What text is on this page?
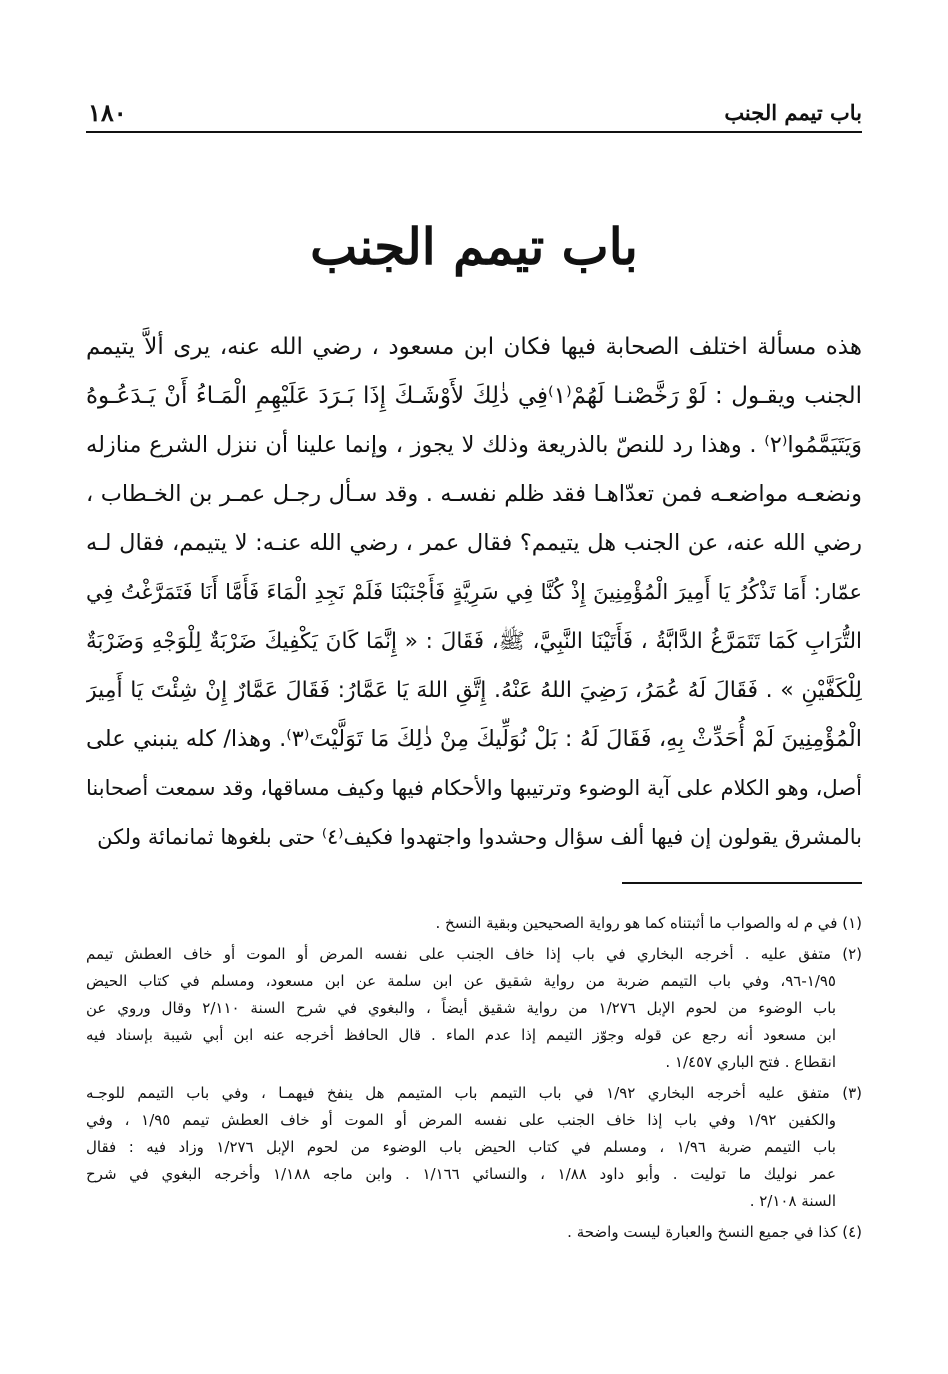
باب تيمم الجنب
١٨٠
باب تيمم الجنب
هذه مسألة اختلف الصحابة فيها فكان ابن مسعود ، رضي الله عنه، يرى ألاَّ يتيمم
الجنب ويقـول : لَوْ رَخَّصْنـا لَهُمْ⁽١⁾فِي ذٰلِكَ لأَوْشَـكَ إِذَا بَـرَدَ عَلَيْهِمِ الْمَـاءُ أَنْ يَـدَعُـوهُ
وَيَتَيَمَّمُوا⁽٢⁾ . وهذا رد للنصّ بالذريعة وذلك لا يجوز ، وإنما علينا أن ننزل الشرع منازله
ونضعـه مواضعـه فمن تعدّاهـا فقد ظلم نفسـه . وقد سـأل رجـل عمـر بن الخـطاب ،
رضي الله عنه، عن الجنب هل يتيمم؟ فقال عمر ، رضي الله عنـه: لا يتيمم، فقال لـه
عمّار: أَمَا تَذْكُرُ يَا أَمِيرَ الْمُؤْمِنِينَ إِذْ كُنَّا فِي سَرِيَّةٍ فَأَجْنَبْنَا فَلَمْ نَجِدِ الْمَاءَ فَأَمَّا أَنَا فَتَمَرَّغْتُ فِي
التُّرَابِ كَمَا تَتَمَرَّغُ الدَّابَّةُ ، فَأَتَيْنَا النَّبِيَّ، ﷺ، فَقَالَ : « إِنَّمَا كَانَ يَكْفِيكَ ضَرْبَةٌ لِلْوَجْهِ وَضَرْبَةٌ
لِلْكَفَّيْنِ » . فَقَالَ لَهُ عُمَرُ، رَضِيَ اللهُ عَنْهُ. إِتَّقِ اللهَ يَا عَمَّارُ: فَقَالَ عَمَّارٌ إِنْ شِئْتَ يَا أَمِيرَ
الْمُؤْمِنِينَ لَمْ أُحَدِّثْ بِهِ، فَقَالَ لَهُ : بَلْ نُوَلِّيكَ مِنْ ذٰلِكَ مَا تَوَلَّيْتَ⁽٣⁾. وهذا/ كله ينبني على
أصل، وهو الكلام على آية الوضوء وترتيبها والأحكام فيها وكيف مساقها، وقد سمعت أصحابنا
بالمشرق يقولون إن فيها ألف سؤال وحشدوا واجتهدوا فكيف⁽٤⁾ حتى بلغوها ثمانمائة ولكن
(١) في م له والصواب ما أثبتناه كما هو رواية الصحيحين وبقية النسخ .
(٢) متفق عليه . أخرجه البخاري في باب إذا خاف الجنب على نفسه المرض أو الموت أو خاف العطش تيمم
١/٩٥-٩٦، وفي باب التيمم ضربة من رواية شقيق عن ابن سلمة عن ابن مسعود، ومسلم في كتاب الحيض
باب الوضوء من لحوم الإبل ١/٢٧٦ من رواية شقيق أيضاً ، والبغوي في شرح السنة ٢/١١٠ وقال وروي عن
ابن مسعود أنه رجع عن قوله وجوّز التيمم إذا عدم الماء . قال الحافظ أخرجه عنه ابن أبي شيبة بإسناد فيه
انقطاع . فتح الباري ١/٤٥٧ .
(٣) متفق عليه أخرجه البخاري ١/٩٢ في باب التيمم باب المتيمم هل ينفخ فيهمـا ، وفي باب التيمم للوجـه
والكفين ١/٩٢ وفي باب إذا خاف الجنب على نفسه المرض أو الموت أو خاف العطش تيمم ١/٩٥ ، وفي
باب التيمم ضربة ١/٩٦ ، ومسلم في كتاب الحيض باب الوضوء من لحوم الإبل ١/٢٧٦ وزاد فيه : فقال
عمر نوليك ما توليت . وأبو داود ١/٨٨ ، والنسائي ١/١٦٦ . وابن ماجه ١/١٨٨ وأخرجه البغوي في شرح
السنة ٢/١٠٨ .
(٤) كذا في جميع النسخ والعبارة ليست واضحة .
